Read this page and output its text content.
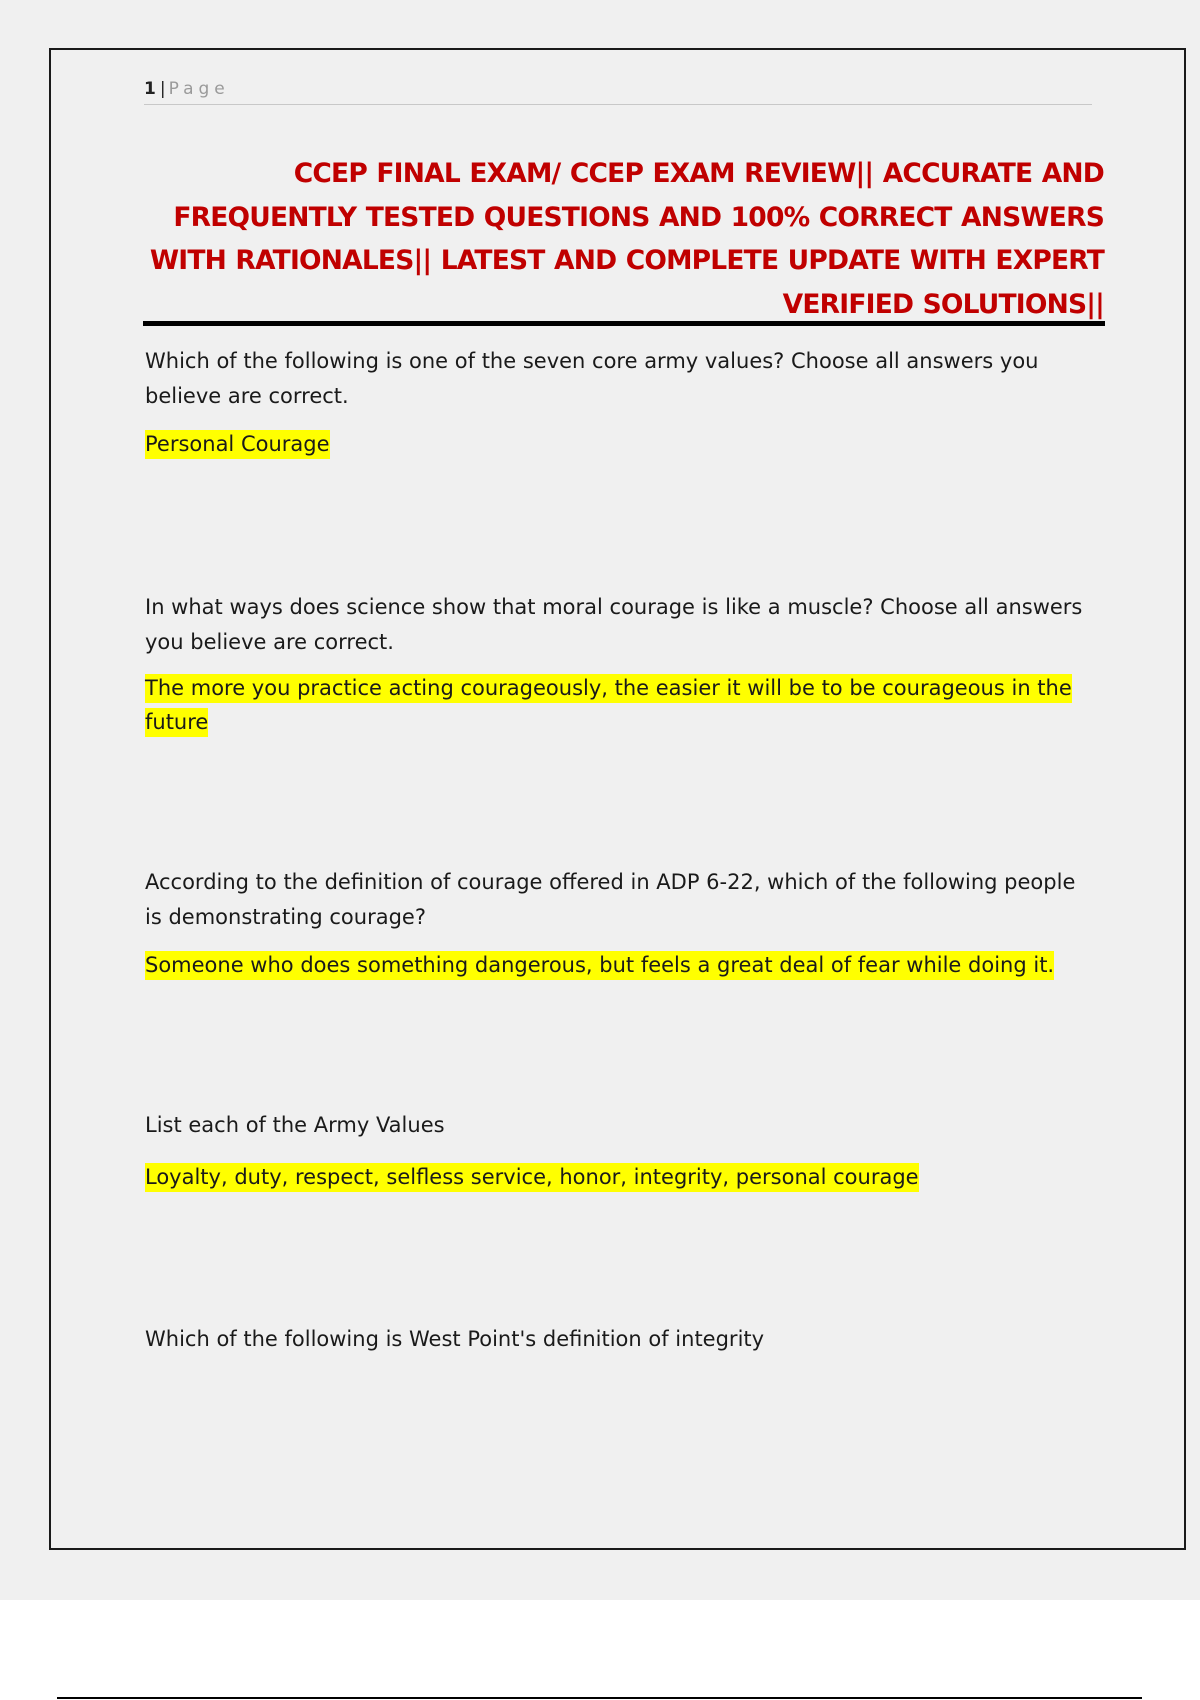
1 | Page
CCEP FINAL EXAM/ CCEP EXAM REVIEW|| ACCURATE AND FREQUENTLY TESTED QUESTIONS AND 100% CORRECT ANSWERS WITH RATIONALES|| LATEST AND COMPLETE UPDATE WITH EXPERT VERIFIED SOLUTIONS||

Which of the following is one of the seven core army values? Choose all answers you believe are correct.

Personal Courage

In what ways does science show that moral courage is like a muscle? Choose all answers you believe are correct.

The more you practice acting courageously, the easier it will be to be courageous in the future

According to the definition of courage offered in ADP 6-22, which of the following people is demonstrating courage?

Someone who does something dangerous, but feels a great deal of fear while doing it.

List each of the Army Values

Loyalty, duty, respect, selfless service, honor, integrity, personal courage

Which of the following is West Point's definition of integrity
